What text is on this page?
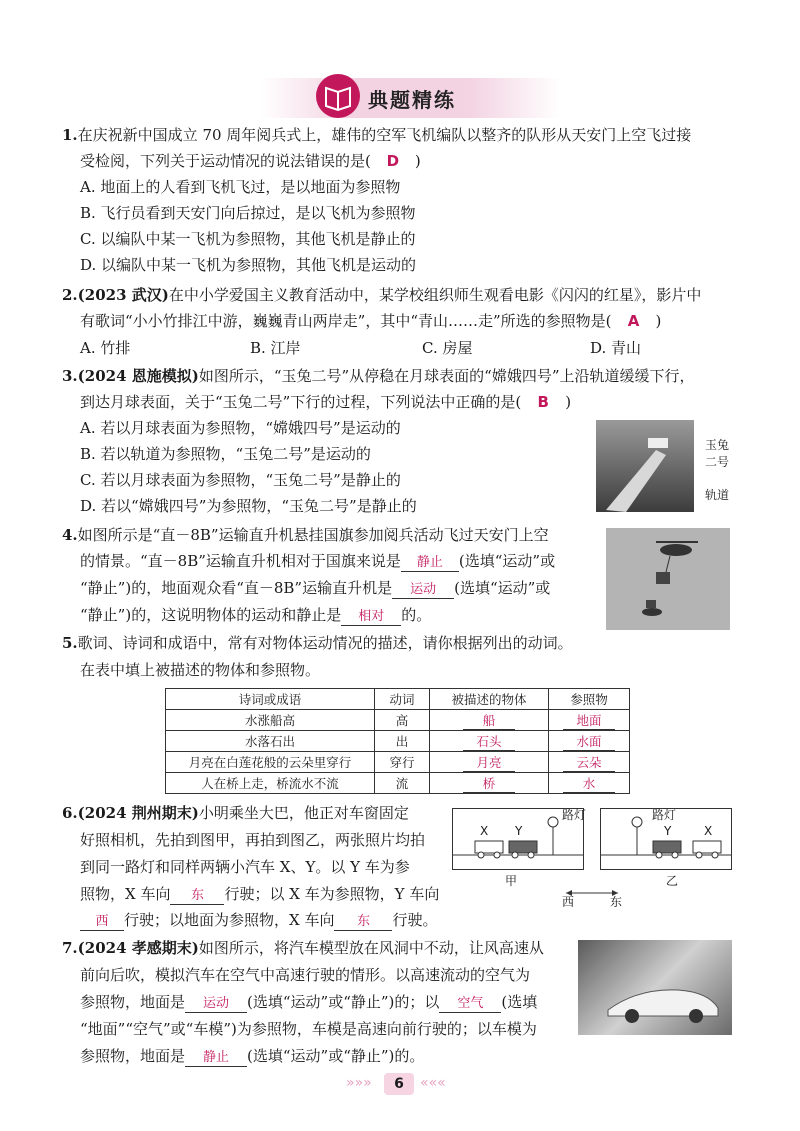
典题精练
1.在庆祝新中国成立 70 周年阅兵式上，雄伟的空军飞机编队以整齐的队形从天安门上空飞过接
受检阅，下列关于运动情况的说法错误的是( D )
A. 地面上的人看到飞机飞过，是以地面为参照物
B. 飞行员看到天安门向后掠过，是以飞机为参照物
C. 以编队中某一飞机为参照物，其他飞机是静止的
D. 以编队中某一飞机为参照物，其他飞机是运动的
2.(2023 武汉)在中小学爱国主义教育活动中，某学校组织师生观看电影《闪闪的红星》，影片中
有歌词“小小竹排江中游，巍巍青山两岸走”，其中“青山……走”所选的参照物是( A )
A. 竹排	B. 江岸	C. 房屋	D. 青山
3.(2024 恩施模拟)如图所示，“玉兔二号”从停稳在月球表面的“嫦娥四号”上沿轨道缓缓下行，
到达月球表面，关于“玉兔二号”下行的过程，下列说法中正确的是( B )
A. 若以月球表面为参照物，“嫦娥四号”是运动的
B. 若以轨道为参照物，“玉兔二号”是运动的
C. 若以月球表面为参照物，“玉兔二号”是静止的
D. 若以“嫦娥四号”为参照物，“玉兔二号”是静止的
玉兔
二号
轨道
4.如图所示是“直－8B”运输直升机悬挂国旗参加阅兵活动飞过天安门上空
的情景。“直－8B”运输直升机相对于国旗来说是 静止 (选填“运动”或
“静止”)的，地面观众看“直－8B”运输直升机是 运动 (选填“运动”或
“静止”)的，这说明物体的运动和静止是 相对 的。
5.歌词、诗词和成语中，常有对物体运动情况的描述，请你根据列出的动词。
在表中填上被描述的物体和参照物。
诗词或成语	动词	被描述的物体	参照物
水涨船高	高	船	地面
水落石出	出	石头	水面
月亮在白莲花般的云朵里穿行	穿行	月亮	云朵
人在桥上走，桥流水不流	流	桥	水
6.(2024 荆州期末)小明乘坐大巴，他正对车窗固定
好照相机，先拍到图甲，再拍到图乙，两张照片均拍
到同一路灯和同样两辆小汽车 X、Y。以 Y 车为参
照物，X 车向 东 行驶；以 X 车为参照物，Y 车向
西 行驶；以地面为参照物，X 车向 东 行驶。
X Y
路灯
甲
路灯
Y	X
乙
西	东
7.(2024 孝感期末)如图所示，将汽车模型放在风洞中不动，让风高速从
前向后吹，模拟汽车在空气中高速行驶的情形。以高速流动的空气为
参照物，地面是 运动 (选填“运动”或“静止”)的；以 空气 (选填
“地面”“空气”或“车模”)为参照物，车模是高速向前行驶的；以车模为
参照物，地面是 静止 (选填“运动”或“静止”)的。
»»»	6	«««
